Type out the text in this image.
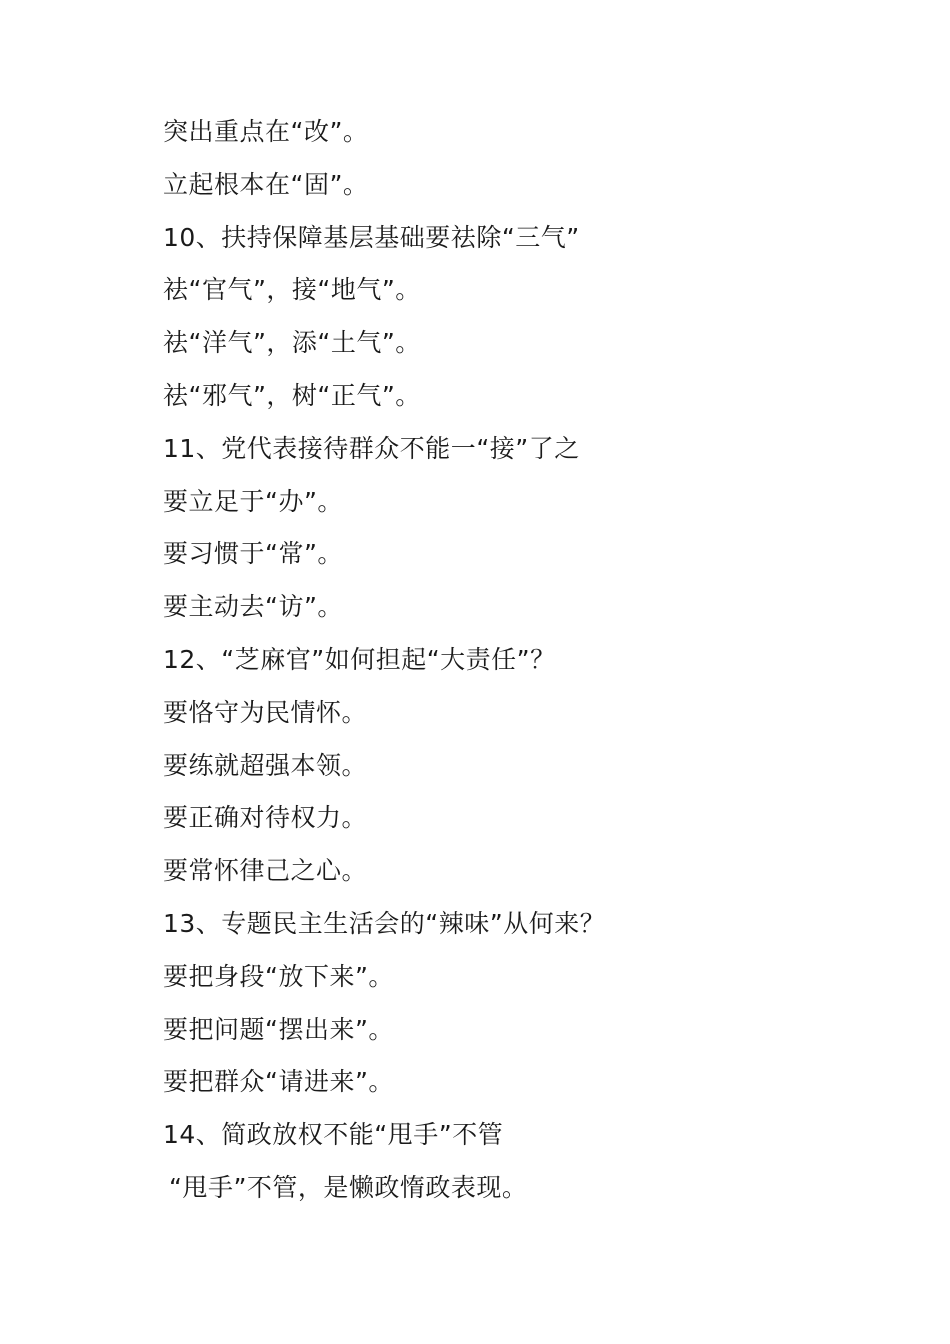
突出重点在“改”。
立起根本在“固”。
10、扶持保障基层基础要祛除“三气”
祛“官气”，接“地气”。
祛“洋气”，添“土气”。
祛“邪气”，树“正气”。
11、党代表接待群众不能一“接”了之
要立足于“办”。
要习惯于“常”。
要主动去“访”。
12、“芝麻官”如何担起“大责任”？
要恪守为民情怀。
要练就超强本领。
要正确对待权力。
要常怀律己之心。
13、专题民主生活会的“辣味”从何来？
要把身段“放下来”。
要把问题“摆出来”。
要把群众“请进来”。
14、简政放权不能“甩手”不管
“甩手”不管，是懒政惰政表现。
